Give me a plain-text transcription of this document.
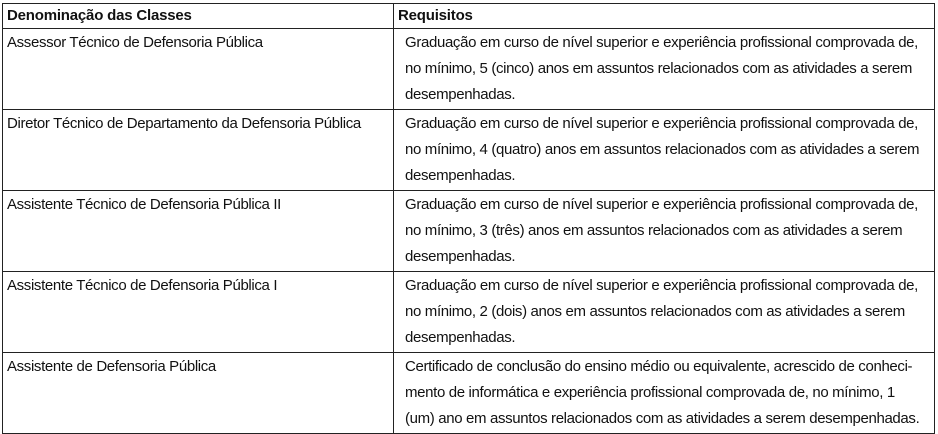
Denominação das Classes	Requisitos
Assessor Técnico de Defensoria Pública	Graduação em curso de nível superior e experiência profissional comprovada de,
no mínimo, 5 (cinco) anos em assuntos relacionados com as atividades a serem
desempenhadas.

Diretor Técnico de Departamento da Defensoria Pública	Graduação em curso de nível superior e experiência profissional comprovada de,
no mínimo, 4 (quatro) anos em assuntos relacionados com as atividades a serem
desempenhadas.

Assistente Técnico de Defensoria Pública II	Graduação em curso de nível superior e experiência profissional comprovada de,
no mínimo, 3 (três) anos em assuntos relacionados com as atividades a serem
desempenhadas.

Assistente Técnico de Defensoria Pública I	Graduação em curso de nível superior e experiência profissional comprovada de,
no mínimo, 2 (dois) anos em assuntos relacionados com as atividades a serem
desempenhadas.

Assistente de Defensoria Pública	Certificado de conclusão do ensino médio ou equivalente, acrescido de conheci-
mento de informática e experiência profissional comprovada de, no mínimo, 1
(um) ano em assuntos relacionados com as atividades a serem desempenhadas.
